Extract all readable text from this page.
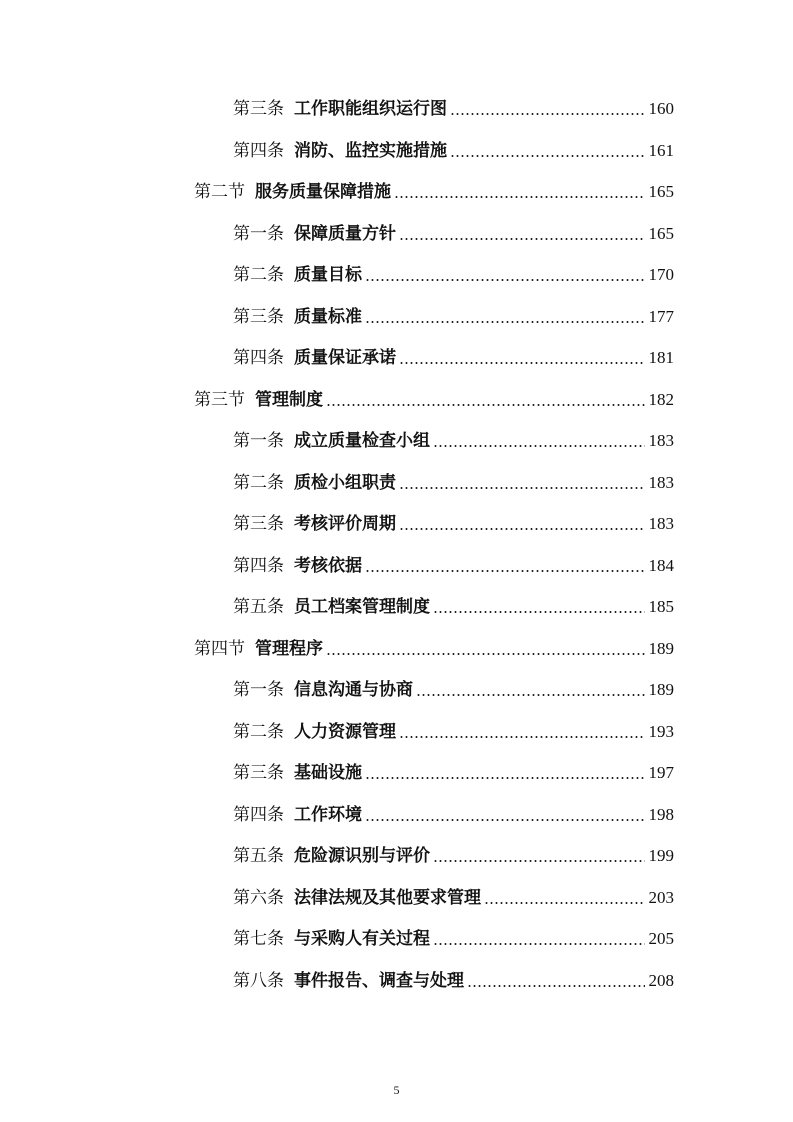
第三条 工作职能组织运行图	160
第四条 消防、监控实施措施	161
第二节 服务质量保障措施	165
第一条 保障质量方针	165
第二条 质量目标	170
第三条 质量标准	177
第四条 质量保证承诺	181
第三节 管理制度	182
第一条 成立质量检查小组	183
第二条 质检小组职责	183
第三条 考核评价周期	183
第四条 考核依据	184
第五条 员工档案管理制度	185
第四节 管理程序	189
第一条 信息沟通与协商	189
第二条 人力资源管理	193
第三条 基础设施	197
第四条 工作环境	198
第五条 危险源识别与评价	199
第六条 法律法规及其他要求管理	203
第七条 与采购人有关过程	205
第八条 事件报告、调查与处理	208
5
